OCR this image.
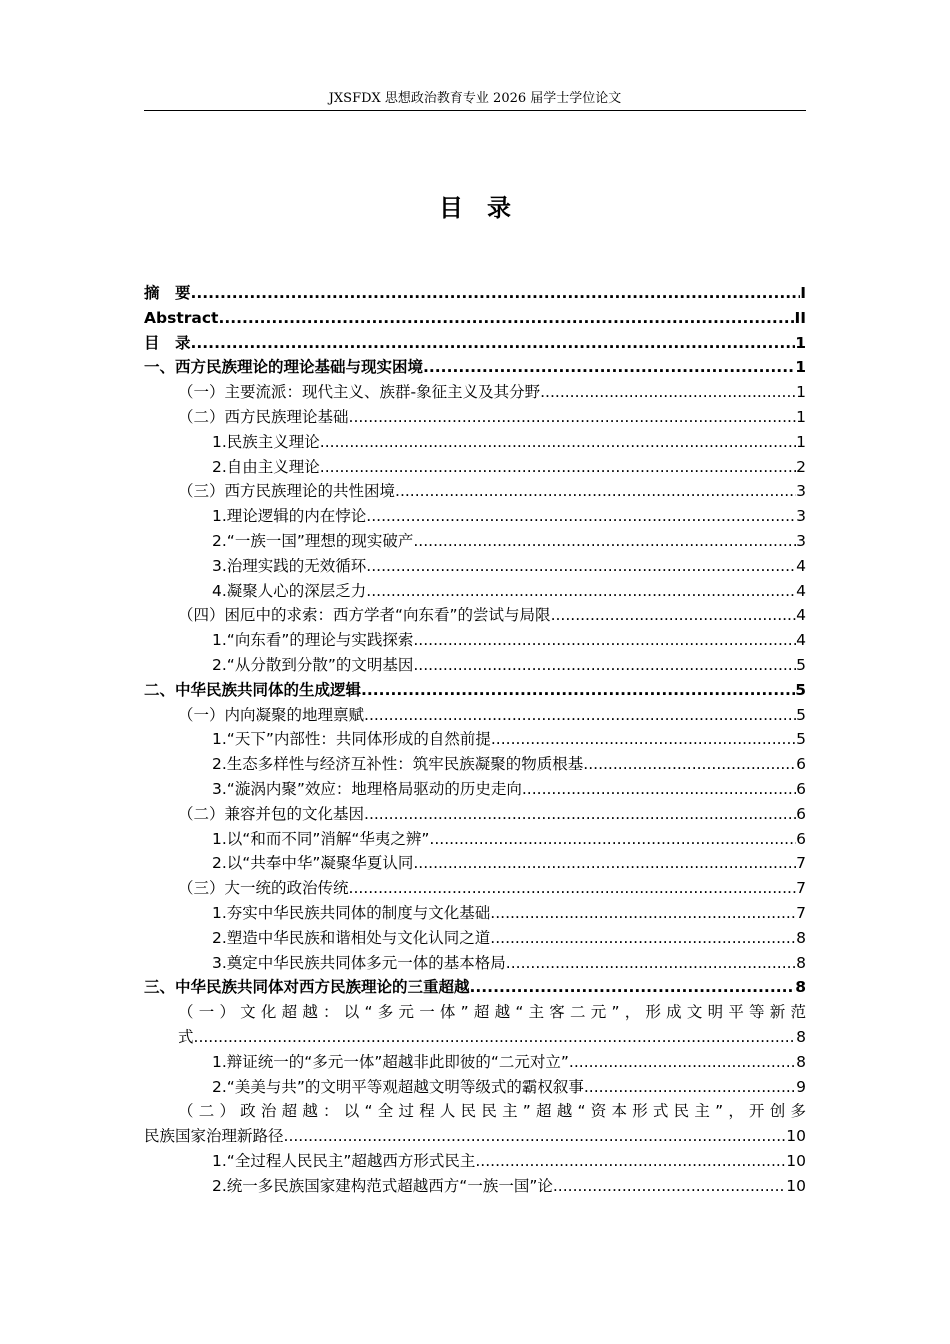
JXSFDX 思想政治教育专业 2026 届学士学位论文
目录
摘　要 .....	I
Abstract .....	II
目　录 .....	1
一、西方民族理论的理论基础与现实困境 .....	1
（一）主要流派：现代主义、族群-象征主义及其分野 .....	1
（二）西方民族理论基础 .....	1
1.民族主义理论 .....	1
2.自由主义理论 .....	2
（三）西方民族理论的共性困境 .....	3
1.理论逻辑的内在悖论 .....	3
2.“一族一国”理想的现实破产 .....	3
3.治理实践的无效循环 .....	4
4.凝聚人心的深层乏力 .....	4
（四）困厄中的求索：西方学者“向东看”的尝试与局限 .....	4
1.“向东看”的理论与实践探索 .....	4
2.“从分散到分散”的文明基因 .....	5
二、中华民族共同体的生成逻辑 .....	5
（一）内向凝聚的地理禀赋 .....	5
1.“天下”内部性：共同体形成的自然前提 .....	5
2.生态多样性与经济互补性：筑牢民族凝聚的物质根基 .....	6
3.“漩涡内聚”效应：地理格局驱动的历史走向 .....	6
（二）兼容并包的文化基因 .....	6
1.以“和而不同”消解“华夷之辨” .....	6
2.以“共奉中华”凝聚华夏认同 .....	7
（三）大一统的政治传统 .....	7
1.夯实中华民族共同体的制度与文化基础 .....	7
2.塑造中华民族和谐相处与文化认同之道 .....	8
3.奠定中华民族共同体多元一体的基本格局 .....	8
三、中华民族共同体对西方民族理论的三重超越 .....	8
（一）文化超越：以“多元一体”超越“主客二元”，形成文明平等新范
式 .....	8
1.辩证统一的“多元一体”超越非此即彼的“二元对立” .....	8
2.“美美与共”的文明平等观超越文明等级式的霸权叙事 .....	9
（二）政治超越：以“全过程人民民主”超越“资本形式民主”，开创多
民族国家治理新路径 .....	10
1.“全过程人民民主”超越西方形式民主 .....	10
2.统一多民族国家建构范式超越西方“一族一国”论 .....	10
